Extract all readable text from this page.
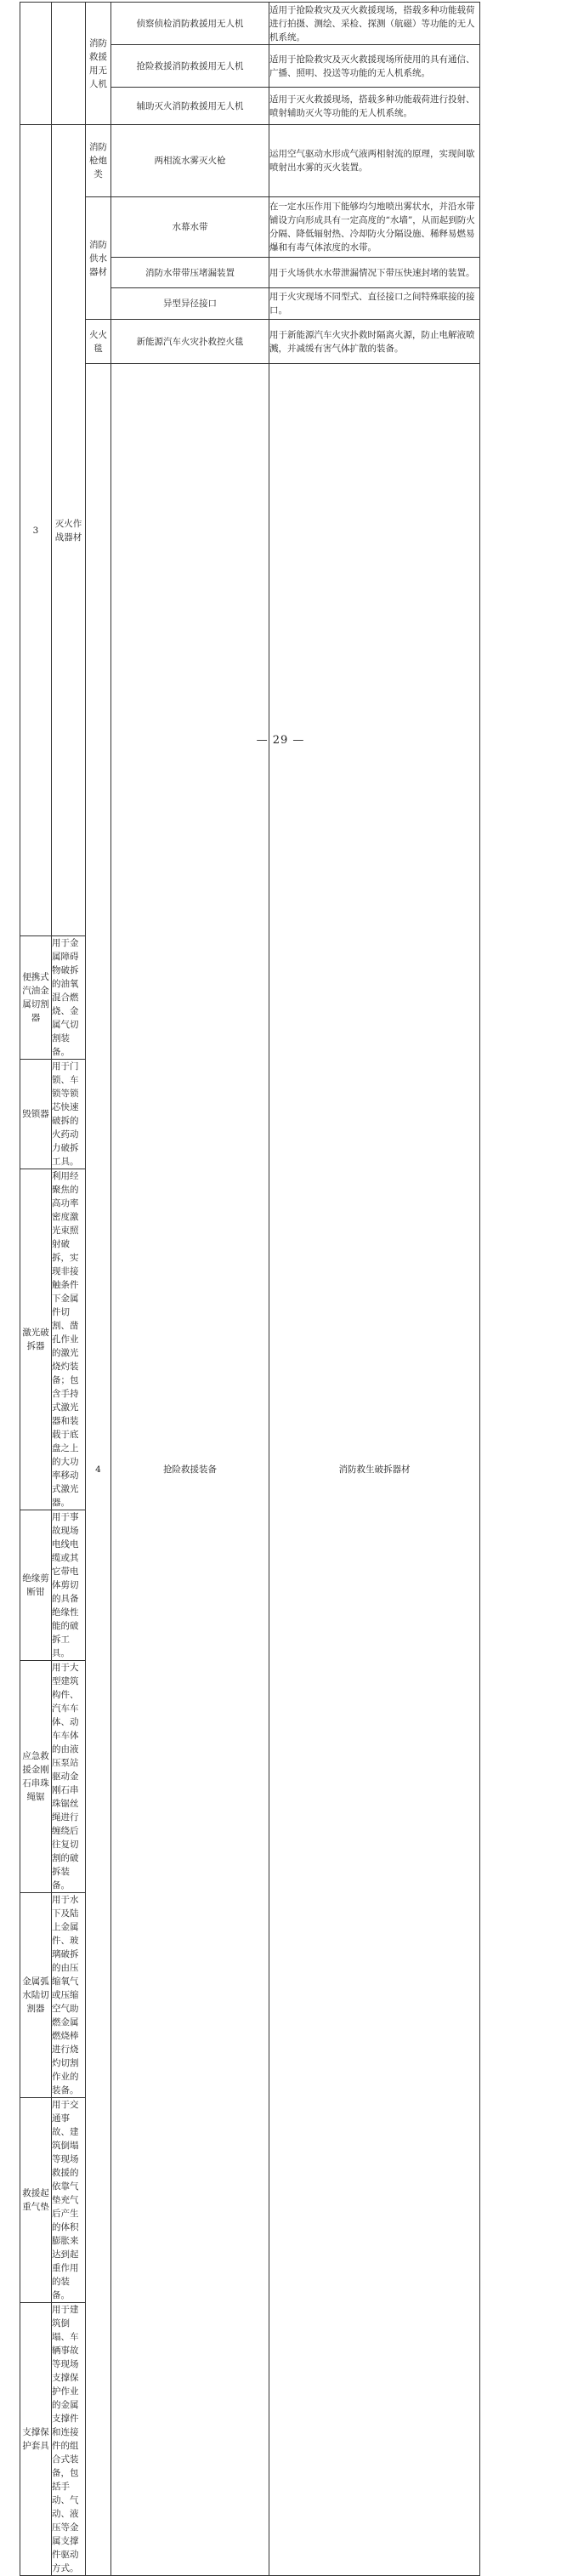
		消防救援用无人机	侦察侦检消防救援用无人机	适用于抢险救灾及灭火救援现场，搭载多种功能载荷进行拍摄、测绘、采检、探测（航磁）等功能的无人机系统。	
			抢险救援消防救援用无人机	适用于抢险救灾及灭火救援现场所使用的具有通信、广播、照明、投送等功能的无人机系统。	
			辅助灭火消防救援用无人机	适用于灭火救援现场，搭载多种功能载荷进行投射、喷射辅助灭火等功能的无人机系统。	
3	灭火作战器材	消防枪炮类	两相流水雾灭火枪	运用空气驱动水形成气液两相射流的原理，实现间歇喷射出水雾的灭火装置。	
		消防供水器材	水幕水带	在一定水压作用下能够均匀地喷出雾状水，并沿水带铺设方向形成具有一定高度的“水墙”，从而起到防火分隔、降低辐射热、冷却防火分隔设施、稀释易燃易爆和有毒气体浓度的水带。	
			消防水带带压堵漏装置	用于火场供水水带泄漏情况下带压快速封堵的装置。	
			异型异径接口	用于火灾现场不同型式、直径接口之间特殊联接的接口。	
		火火毯	新能源汽车火灾扑救控火毯	用于新能源汽车火灾扑救时隔离火源，防止电解液喷溅，并减缓有害气体扩散的装备。	
		4	抢险救援装备	消防救生破拆器材		
便携式汽油金属切割器	用于金属障碍物破拆的油氧混合燃烧、金属气切割装备。				
毁锁器	用于门锁、车锁等锁芯快速破拆的火药动力破拆工具。				
激光破拆器	利用经聚焦的高功率密度激光束照射破拆，实现非接触条件下金属件切割、凿孔作业的激光烧灼装备；包含手持式激光器和装载于底盘之上的大功率移动式激光器。				
绝缘剪断钳	用于事故现场电线电缆或其它带电体剪切的具备绝缘性能的破拆工具。				
应急救援金刚石串珠绳锯	用于大型建筑构件、汽车车体、动车车体的由液压泵站驱动金刚石串珠锯丝绳进行缠绕后往复切割的破拆装备。				
金属弧水陆切割器	用于水下及陆上金属件、玻璃破拆的由压缩氧气或压缩空气助燃金属燃烧棒进行烧灼切割作业的装备。				
救援起重气垫	用于交通事故、建筑倒塌等现场救援的依靠气垫充气后产生的体积膨胀来达到起重作用的装备。				
支撑保护套具	用于建筑倒塌、车辆事故等现场支撑保护作业的金属支撑件和连接件的组合式装备，包括手动、气动、液压等金属支撑件驱动方式。				
— 29 —
